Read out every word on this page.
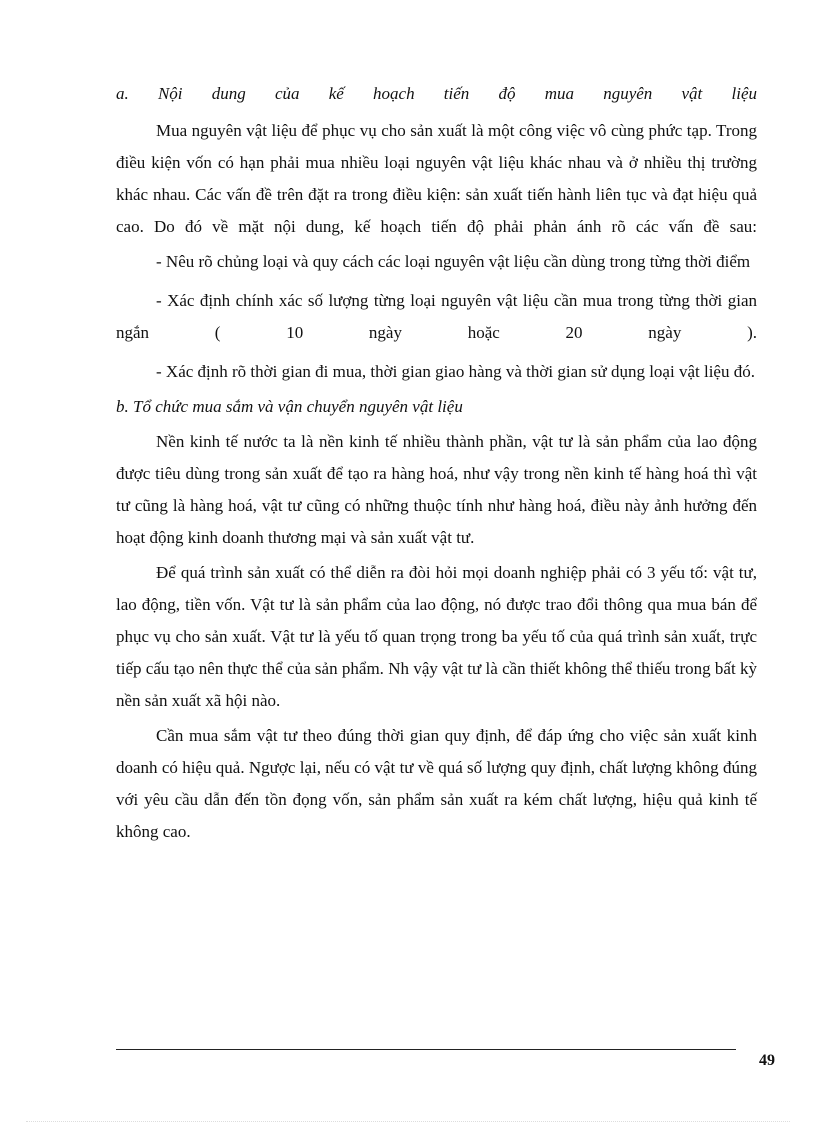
a. Nội dung của kế hoạch tiến độ mua nguyên vật liệu

Mua nguyên vật liệu để phục vụ cho sản xuất là một công việc vô cùng phức tạp. Trong điều kiện vốn có hạn phải mua nhiều loại nguyên vật liệu khác nhau và ở nhiều thị trường khác nhau. Các vấn đề trên đặt ra trong điều kiện: sản xuất tiến hành liên tục và đạt hiệu quả cao. Do đó về mặt nội dung, kế hoạch tiến độ phải phản ánh rõ các vấn đề sau:

- Nêu rõ chủng loại và quy cách các loại nguyên vật liệu cần dùng trong từng thời điểm

- Xác định chính xác số lượng từng loại nguyên vật liệu cần mua trong từng thời gian ngắn ( 10 ngày hoặc 20 ngày ).

- Xác định rõ thời gian đi mua, thời gian giao hàng và thời gian sử dụng loại vật liệu đó.

b. Tổ chức mua sắm và vận chuyển nguyên vật liệu

Nền kinh tế nước ta là nền kinh tế nhiều thành phần, vật tư là sản phẩm của lao động được tiêu dùng trong sản xuất để tạo ra hàng hoá, như vậy trong nền kinh tế hàng hoá thì vật tư cũng là hàng hoá, vật tư cũng có những thuộc tính như hàng hoá, điều này ảnh hưởng đến hoạt động kinh doanh thương mại và sản xuất vật tư.

Để quá trình sản xuất có thể diễn ra đòi hỏi mọi doanh nghiệp phải có 3 yếu tố: vật tư, lao động, tiền vốn. Vật tư là sản phẩm của lao động, nó được trao đổi thông qua mua bán để phục vụ cho sản xuất. Vật tư là yếu tố quan trọng trong ba yếu tố của quá trình sản xuất, trực tiếp cấu tạo nên thực thể của sản phẩm. Nh vậy vật tư là cần thiết không thể thiếu trong bất kỳ nền sản xuất xã hội nào.

Cần mua sắm vật tư theo đúng thời gian quy định, để đáp ứng cho việc sản xuất kinh doanh có hiệu quả. Ngược lại, nếu có vật tư về quá số lượng quy định, chất lượng không đúng với yêu cầu dẫn đến tồn đọng vốn, sản phẩm sản xuất ra kém chất lượng, hiệu quả kinh tế không cao.

49
